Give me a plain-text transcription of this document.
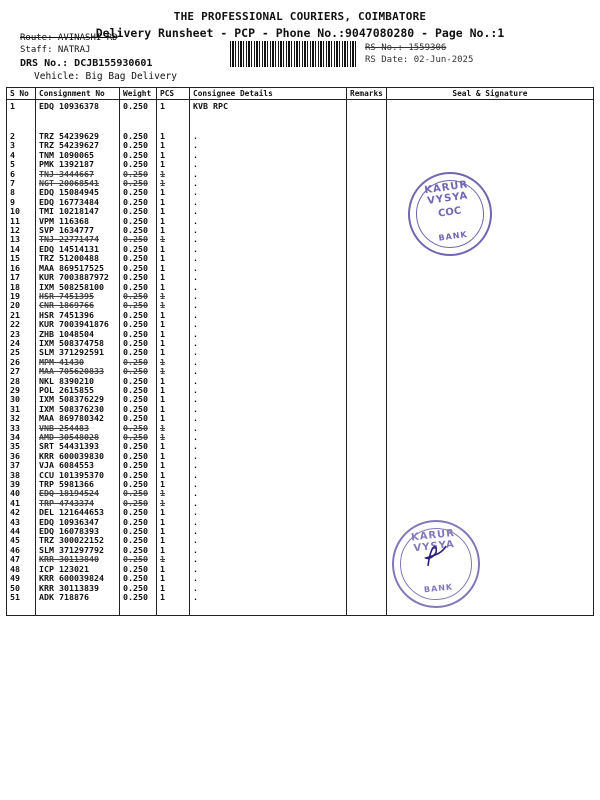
THE PROFESSIONAL COURIERS, COIMBATORE
Delivery Runsheet - PCP - Phone No.:9047080280 - Page No.:1
Route: AVINASHI RD
Staff: NATRAJ
DRS No.: DCJB155930601
Vehicle: Big Bag Delivery
RS No.: 1559306
RS Date: 02-Jun-2025
S No	Consignment No	Weight	PCS	Consignee Details	Remarks	Seal & Signature
1	EDQ 10936378	0.250	1	KVB RPC		
2	TRZ 54239629	0.250	1	.		
3	TRZ 54239627	0.250	1	.		
4	TNM 1090065	0.250	1	.		
5	PMK 1392187	0.250	1	.		
6	TNJ 3444667	0.250	1	.		
7	NGT 20068541	0.250	1	.		
8	EDQ 15084945	0.250	1	.		
9	EDQ 16773484	0.250	1	.		
10	TMI 10218147	0.250	1	.		
11	VPM 116368	0.250	1	.		
12	SVP 1634777	0.250	1	.		
13	TNJ 22771474	0.250	1	.		
14	EDQ 14514131	0.250	1	.		
15	TRZ 51200488	0.250	1	.		
16	MAA 869517525	0.250	1	.		
17	KUR 7003887972	0.250	1	.		
18	IXM 508258100	0.250	1	.		
19	HSR 7451395	0.250	1	.		
20	CNR 1869766	0.250	1	.		
21	HSR 7451396	0.250	1	.		
22	KUR 7003941876	0.250	1	.		
23	ZHB 1048504	0.250	1	.		
24	IXM 508374758	0.250	1	.		
25	SLM 371292591	0.250	1	.		
26	MPM 41430	0.250	1	.		
27	MAA 705620833	0.250	1	.		
28	NKL 8390210	0.250	1	.		
29	POL 2615855	0.250	1	.		
30	IXM 508376229	0.250	1	.		
31	IXM 508376230	0.250	1	.		
32	MAA 869780342	0.250	1	.		
33	VNB 254483	0.250	1	.		
34	AMD 30548028	0.250	1	.		
35	SRT 54431393	0.250	1	.		
36	KRR 600039830	0.250	1	.		
37	VJA 6084553	0.250	1	.		
38	CCU 101395370	0.250	1	.		
39	TRP 5981366	0.250	1	.		
40	EDQ 18194524	0.250	1	.		
41	TRP 4743374	0.250	1	.		
42	DEL 121644653	0.250	1	.		
43	EDQ 10936347	0.250	1	.		
44	EDQ 16078393	0.250	1	.		
45	TRZ 300022152	0.250	1	.		
46	SLM 371297792	0.250	1	.		
47	KRR 30113840	0.250	1	.		
48	ICP 123021	0.250	1	.		
49	KRR 600039824	0.250	1	.		
50	KRR 30113839	0.250	1	.		
51	ADK 718876	0.250	1	.		
KARUR VYSYA
COC
BANK
KARUR VYSYA
BANK
